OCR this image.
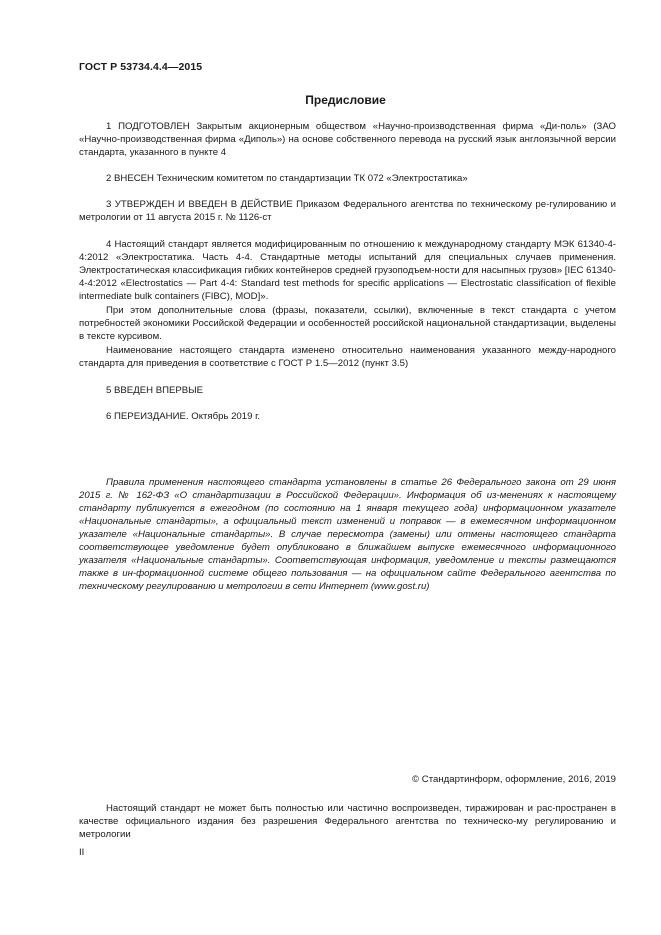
ГОСТ Р 53734.4.4—2015
Предисловие

1 ПОДГОТОВЛЕН Закрытым акционерным обществом «Научно-производственная фирма «Ди-поль» (ЗАО «Научно-производственная фирма «Диполь») на основе собственного перевода на русский язык англоязычной версии стандарта, указанного в пункте 4

2 ВНЕСЕН Техническим комитетом по стандартизации ТК 072 «Электростатика»

3 УТВЕРЖДЕН И ВВЕДЕН В ДЕЙСТВИЕ Приказом Федерального агентства по техническому ре-гулированию и метрологии от 11 августа 2015 г. № 1126-ст

4 Настоящий стандарт является модифицированным по отношению к международному стандарту МЭК 61340-4-4:2012 «Электростатика. Часть 4-4. Стандартные методы испытаний для специальных случаев применения. Электростатическая классификация гибких контейнеров средней грузоподъем-ности для насыпных грузов» [IEC 61340-4-4:2012 «Electrostatics — Part 4-4: Standard test methods for specific applications — Electrostatic classification of flexible intermediate bulk containers (FIBC), MOD]».

При этом дополнительные слова (фразы, показатели, ссылки), включенные в текст стандарта с учетом потребностей экономики Российской Федерации и особенностей российской национальной стандартизации, выделены в тексте курсивом.

Наименование настоящего стандарта изменено относительно наименования указанного между-народного стандарта для приведения в соответствие с ГОСТ Р 1.5—2012 (пункт 3.5)

5 ВВЕДЕН ВПЕРВЫЕ

6 ПЕРЕИЗДАНИЕ. Октябрь 2019 г.

Правила применения настоящего стандарта установлены в статье 26 Федерального закона от 29 июня 2015 г. № 162-ФЗ «О стандартизации в Российской Федерации». Информация об из-менениях к настоящему стандарту публикуется в ежегодном (по состоянию на 1 января текущего года) информационном указателе «Национальные стандарты», а официальный текст изменений и поправок — в ежемесячном информационном указателе «Национальные стандарты». В случае пересмотра (замены) или отмены настоящего стандарта соответствующее уведомление будет опубликовано в ближайшем выпуске ежемесячного информационного указателя «Национальные стандарты». Соответствующая информация, уведомление и тексты размещаются также в ин-формационной системе общего пользования — на официальном сайте Федерального агентства по техническому регулированию и метрологии в сети Интернет (www.gost.ru)

© Стандартинформ, оформление, 2016, 2019

Настоящий стандарт не может быть полностью или частично воспроизведен, тиражирован и рас-пространен в качестве официального издания без разрешения Федерального агентства по техническо-му регулированию и метрологии

II
